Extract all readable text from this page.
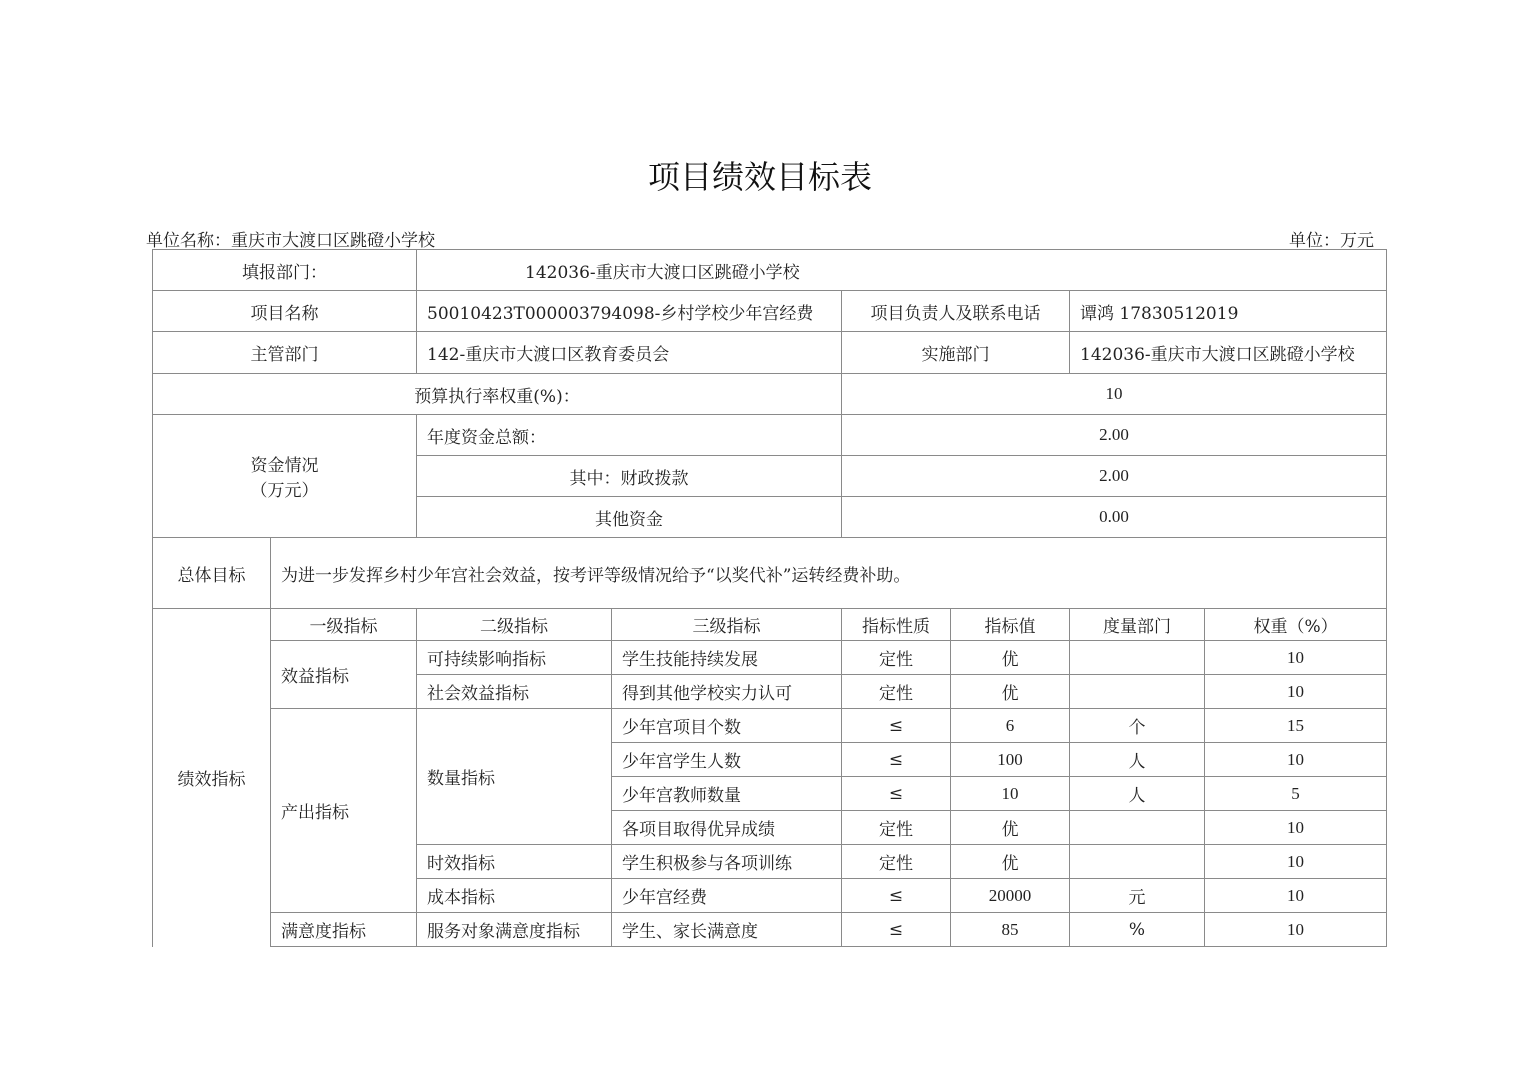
项目绩效目标表
单位名称：重庆市大渡口区跳磴小学校	单位：万元
填报部门：		142036-重庆市大渡口区跳磴小学校					
项目名称		50010423T000003794098-乡村学校少年宫经费		项目负责人及联系电话		谭鸿 17830512019	
主管部门		142-重庆市大渡口区教育委员会		实施部门		142036-重庆市大渡口区跳磴小学校	
预算执行率权重(%)：				10			

资金情况
（万元）		年度资金总额：		2.00			
		其中：财政拨款		2.00			
		其他资金		0.00			
总体目标	为进一步发挥乡村少年宫社会效益，按考评等级情况给予“以奖代补”运转经费补助。						
绩效指标	一级指标	二级指标	三级指标	指标性质	指标值	度量部门	权重（%）
	效益指标	可持续影响指标	学生技能持续发展	定性	优		10
		社会效益指标	得到其他学校实力认可	定性	优		10
	产出指标	数量指标	少年宫项目个数	≤	6	个	15
			少年宫学生人数	≤	100	人	10
			少年宫教师数量	≤	10	人	5
			各项目取得优异成绩	定性	优		10
		时效指标	学生积极参与各项训练	定性	优		10
		成本指标	少年宫经费	≤	20000	元	10
	满意度指标	服务对象满意度指标	学生、家长满意度	≤	85	%	10
